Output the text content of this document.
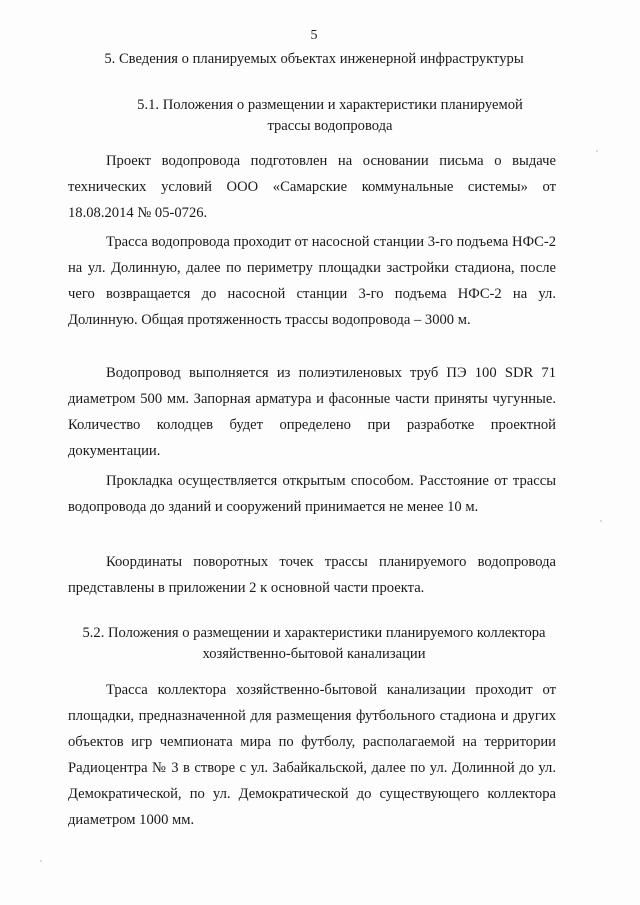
5
5. Сведения о планируемых объектах инженерной инфраструктуры
5.1. Положения о размещении и характеристики планируемой
трассы водопровода

Проект водопровода подготовлен на основании письма о выдаче технических условий ООО «Самарские коммунальные системы» от 18.08.2014 № 05-0726.

Трасса водопровода проходит от насосной станции 3-го подъема НФС-2 на ул. Долинную, далее по периметру площадки застройки стадиона, после чего возвращается до насосной станции 3-го подъема НФС-2 на ул. Долинную. Общая протяженность трассы водопровода – 3000 м.

Водопровод выполняется из полиэтиленовых труб ПЭ 100 SDR 71 диаметром 500 мм. Запорная арматура и фасонные части приняты чугунные. Количество колодцев будет определено при разработке проектной документации.

Прокладка осуществляется открытым способом. Расстояние от трассы водопровода до зданий и сооружений принимается не менее 10 м.

Координаты поворотных точек трассы планируемого водопровода представлены в приложении 2 к основной части проекта.

5.2. Положения о размещении и характеристики планируемого коллектора
хозяйственно-бытовой канализации

Трасса коллектора хозяйственно-бытовой канализации проходит от площадки, предназначенной для размещения футбольного стадиона и других объектов игр чемпионата мира по футболу, располагаемой на территории Радиоцентра № 3 в створе с ул. Забайкальской, далее по ул. Долинной до ул. Демократической, по ул. Демократической до существующего коллектора диаметром 1000 мм.
